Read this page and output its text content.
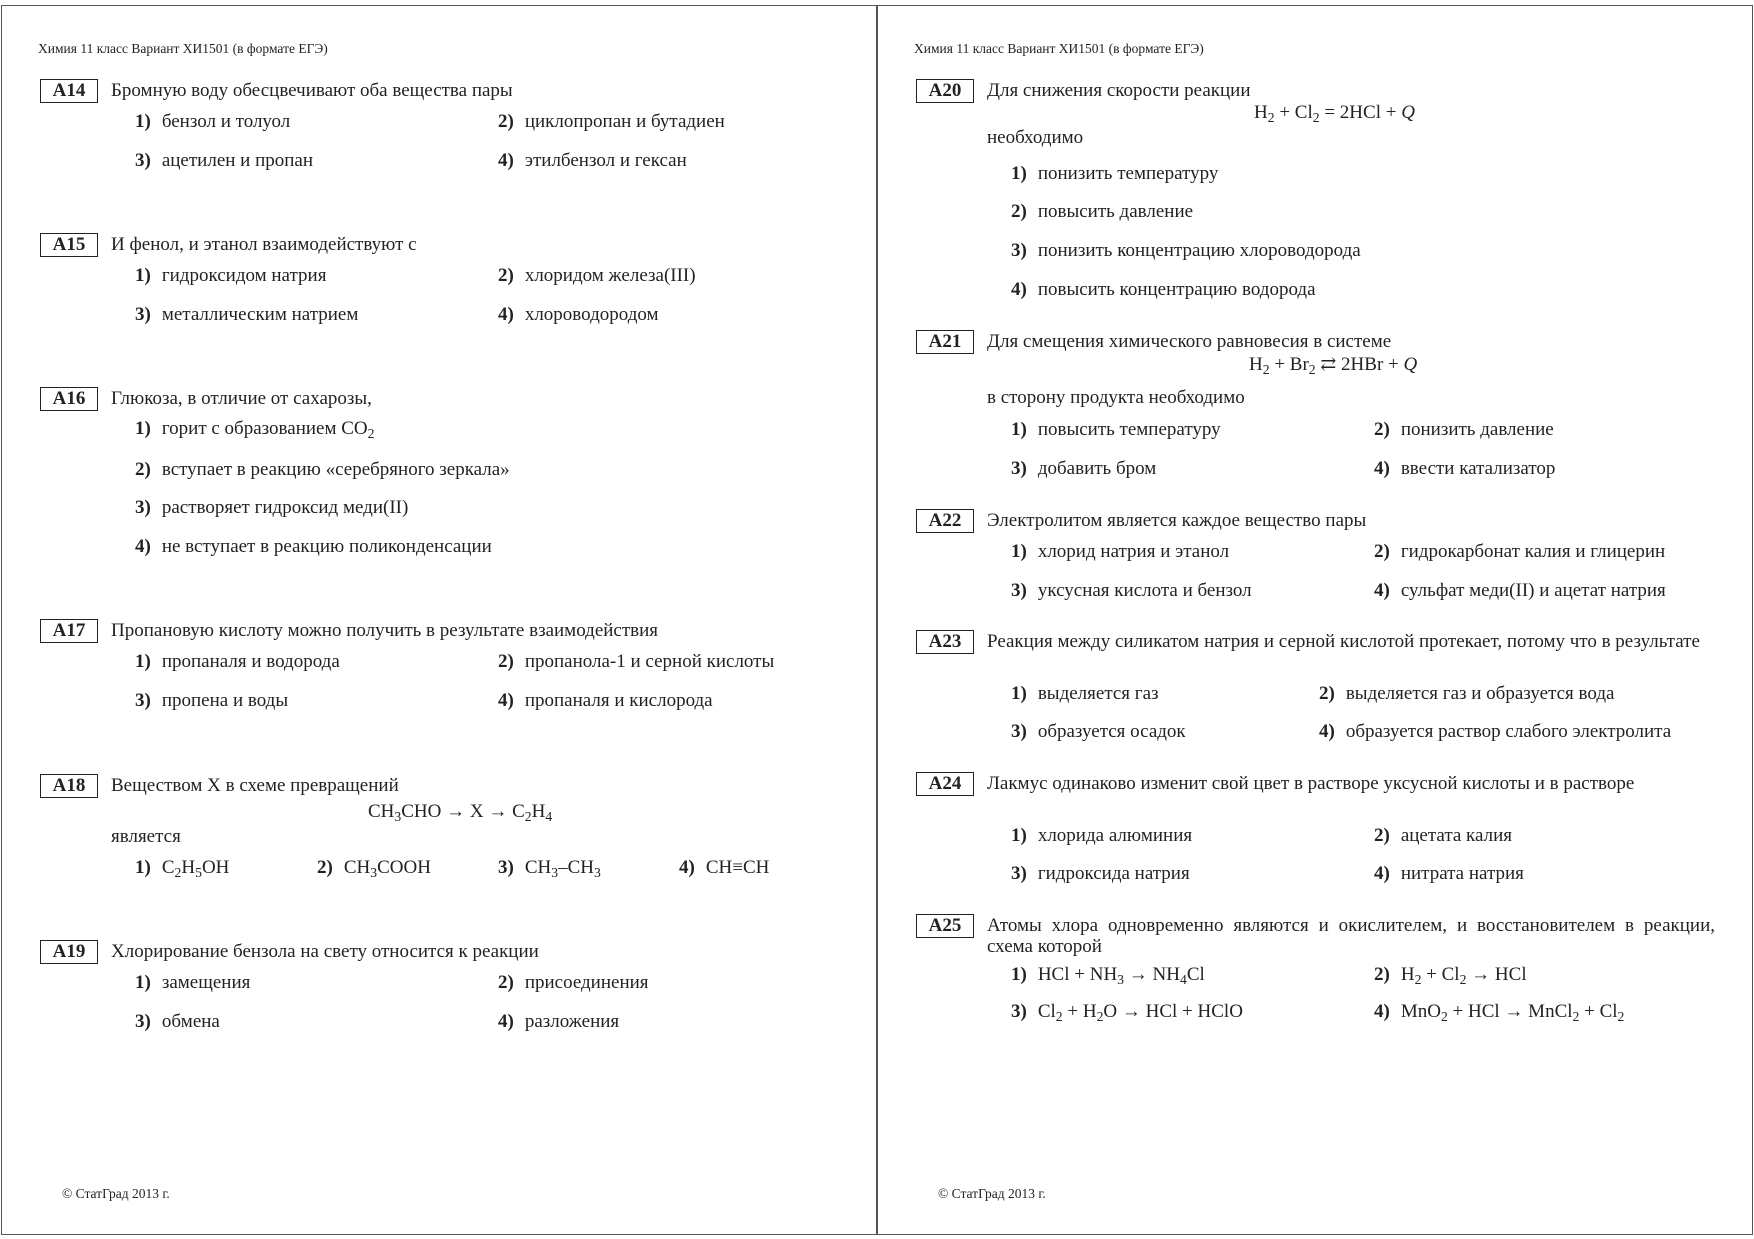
Химия 11 класс Вариант ХИ1501 (в формате ЕГЭ)
А14	Бромную воду обесцвечивают оба вещества пары
1) бензол и толуол	2) циклопропан и бутадиен
3) ацетилен и пропан	4) этилбензол и гексан
А15	И фенол, и этанол взаимодействуют с
1) гидроксидом натрия	2) хлоридом железа(III)
3) металлическим натрием	4) хлороводородом
А16	Глюкоза, в отличие от сахарозы,
1) горит с образованием $CO_2$
2) вступает в реакцию «серебряного зеркала»
3) растворяет гидроксид меди(II)
4) не вступает в реакцию поликонденсации
А17	Пропановую кислоту можно получить в результате взаимодействия
1) пропаналя и водорода	2) пропанола-1 и серной кислоты
3) пропена и воды	4) пропаналя и кислорода
А18	Веществом X в схеме превращений
$CH_3CHO \to X \to C_2H_4$
является
1) $C_2H_5OH$	2) $CH_3COOH$	3) $CH_3-CH_3$	4) CH≡CH
А19	Хлорирование бензола на свету относится к реакции
1) замещения	2) присоединения
3) обмена	4) разложения
© СтатГрад 2013 г.
Химия 11 класс Вариант ХИ1501 (в формате ЕГЭ)
А20	Для снижения скорости реакции
$H_2 + Cl_2 = 2HCl + Q$
необходимо
1) понизить температуру
2) повысить давление
3) понизить концентрацию хлороводорода
4) повысить концентрацию водорода
А21	Для смещения химического равновесия в системе
$H_2 + Br_2$ ⇄ 2HBr + Q
в сторону продукта необходимо
1) повысить температуру	2) понизить давление
3) добавить бром	4) ввести катализатор
А22	Электролитом является каждое вещество пары
1) хлорид натрия и этанол	2) гидрокарбонат калия и глицерин
3) уксусная кислота и бензол	4) сульфат меди(II) и ацетат натрия
А23	Реакция между силикатом натрия и серной кислотой протекает, потому что в результате
1) выделяется газ	2) выделяется газ и образуется вода
3) образуется осадок	4) образуется раствор слабого электролита
А24	Лакмус одинаково изменит свой цвет в растворе уксусной кислоты и в растворе
1) хлорида алюминия	2) ацетата калия
3) гидроксида натрия	4) нитрата натрия
А25	Атомы хлора одновременно являются и окислителем, и восстановителем в реакции, схема которой
1) HCl + $NH_3 \to NH_4Cl$	2) $H_2 + Cl_2$ → HCl
3) $Cl_2 + H_2O$ → HCl + HClO	4) MnO$_2$ + HCl → MnCl$_2$ + $Cl_2$
© СтатГрад 2013 г.
